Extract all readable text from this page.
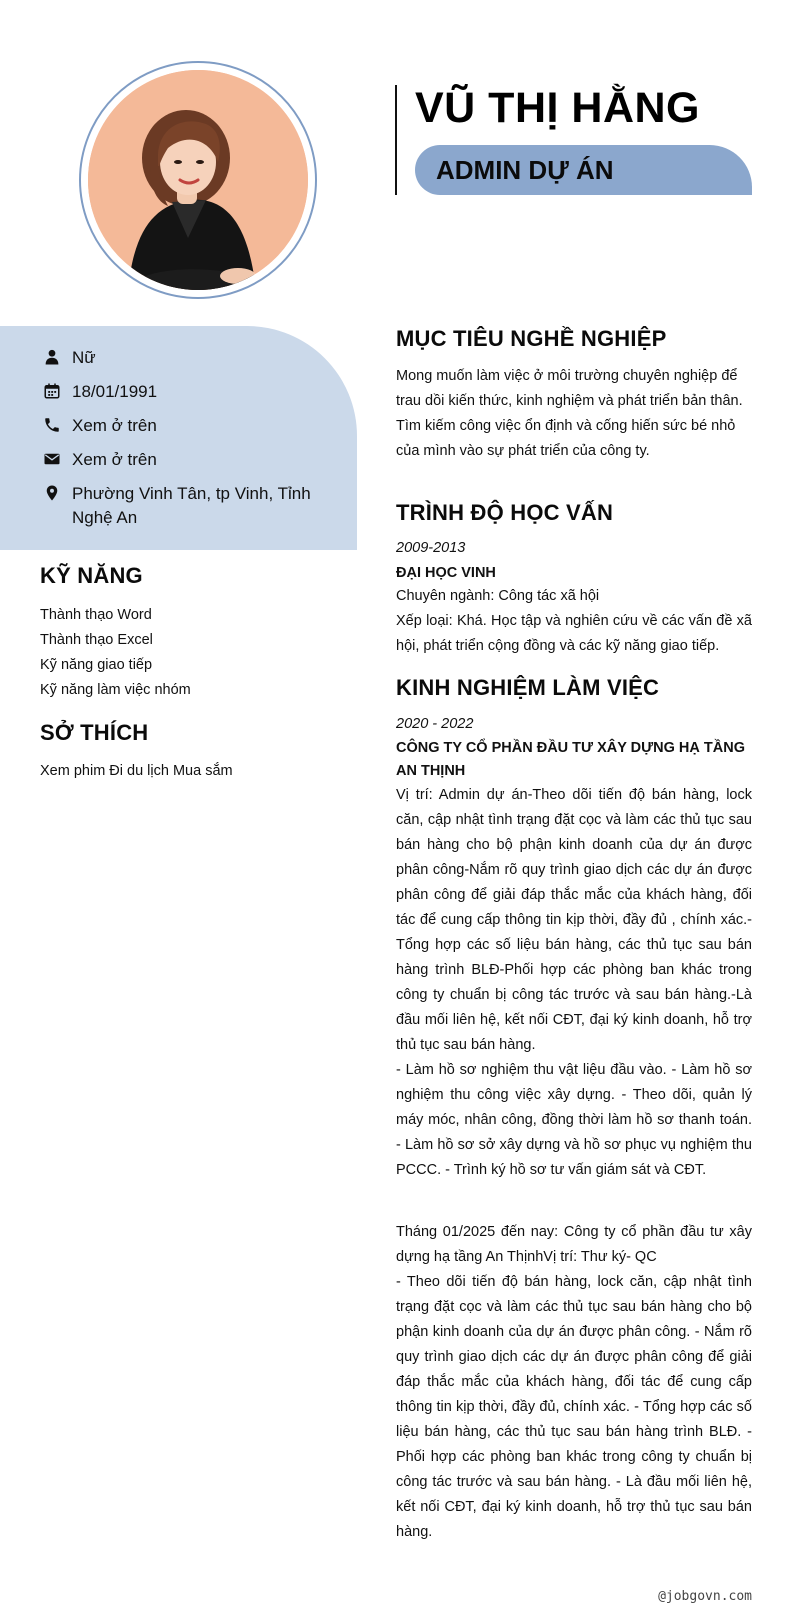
VŨ THỊ HẰNG
ADMIN DỰ ÁN
Nữ
18/01/1991
Xem ở trên
Xem ở trên
Phường Vinh Tân, tp Vinh, Tỉnh Nghệ An
KỸ NĂNG
Thành thạo Word
Thành thạo Excel
Kỹ năng giao tiếp
Kỹ năng làm việc nhóm
SỞ THÍCH
Xem phim Đi du lịch Mua sắm
MỤC TIÊU NGHỀ NGHIỆP
Mong muốn làm việc ở môi trường chuyên nghiệp để trau dồi kiến thức, kinh nghiệm và phát triển bản thân. Tìm kiếm công việc ổn định và cống hiến sức bé nhỏ của mình vào sự phát triển của công ty.
TRÌNH ĐỘ HỌC VẤN
2009-2013
ĐẠI HỌC VINH
Chuyên ngành: Công tác xã hội
Xếp loại: Khá. Học tập và nghiên cứu về các vấn đề xã hội, phát triển cộng đồng và các kỹ năng giao tiếp.
KINH NGHIỆM LÀM VIỆC
2020 - 2022
CÔNG TY CỔ PHẦN ĐẦU TƯ XÂY DỰNG HẠ TẦNG AN THỊNH
Vị trí: Admin dự án-Theo dõi tiến độ bán hàng, lock căn, cập nhật tình trạng đặt cọc và làm các thủ tục sau bán hàng cho bộ phận kinh doanh của dự án được phân công-Nắm rõ quy trình giao dịch các dự án được phân công để giải đáp thắc mắc của khách hàng, đối tác để cung cấp thông tin kịp thời, đầy đủ , chính xác.-Tổng hợp các số liệu bán hàng, các thủ tục sau bán hàng trình BLĐ-Phối hợp các phòng ban khác trong công ty chuẩn bị công tác trước và sau bán hàng.-Là đầu mối liên hệ, kết nối CĐT, đại ký kinh doanh, hỗ trợ thủ tục sau bán hàng.
- Làm hồ sơ nghiệm thu vật liệu đầu vào. - Làm hồ sơ nghiệm thu công việc xây dựng. - Theo dõi, quản lý máy móc, nhân công, đồng thời làm hồ sơ thanh toán. - Làm hồ sơ sở xây dựng và hồ sơ phục vụ nghiệm thu PCCC. - Trình ký hồ sơ tư vấn giám sát và CĐT.
Tháng 01/2025 đến nay: Công ty cổ phần đầu tư xây dựng hạ tầng An ThịnhVị trí: Thư ký- QC
- Theo dõi tiến độ bán hàng, lock căn, cập nhật tình trạng đặt cọc và làm các thủ tục sau bán hàng cho bộ phận kinh doanh của dự án được phân công. - Nắm rõ quy trình giao dịch các dự án được phân công để giải đáp thắc mắc của khách hàng, đối tác để cung cấp thông tin kịp thời, đầy đủ, chính xác. - Tổng hợp các số liệu bán hàng, các thủ tục sau bán hàng trình BLĐ. - Phối hợp các phòng ban khác trong công ty chuẩn bị công tác trước và sau bán hàng. - Là đầu mối liên hệ, kết nối CĐT, đại ký kinh doanh, hỗ trợ thủ tục sau bán hàng.
@jobgovn.com
